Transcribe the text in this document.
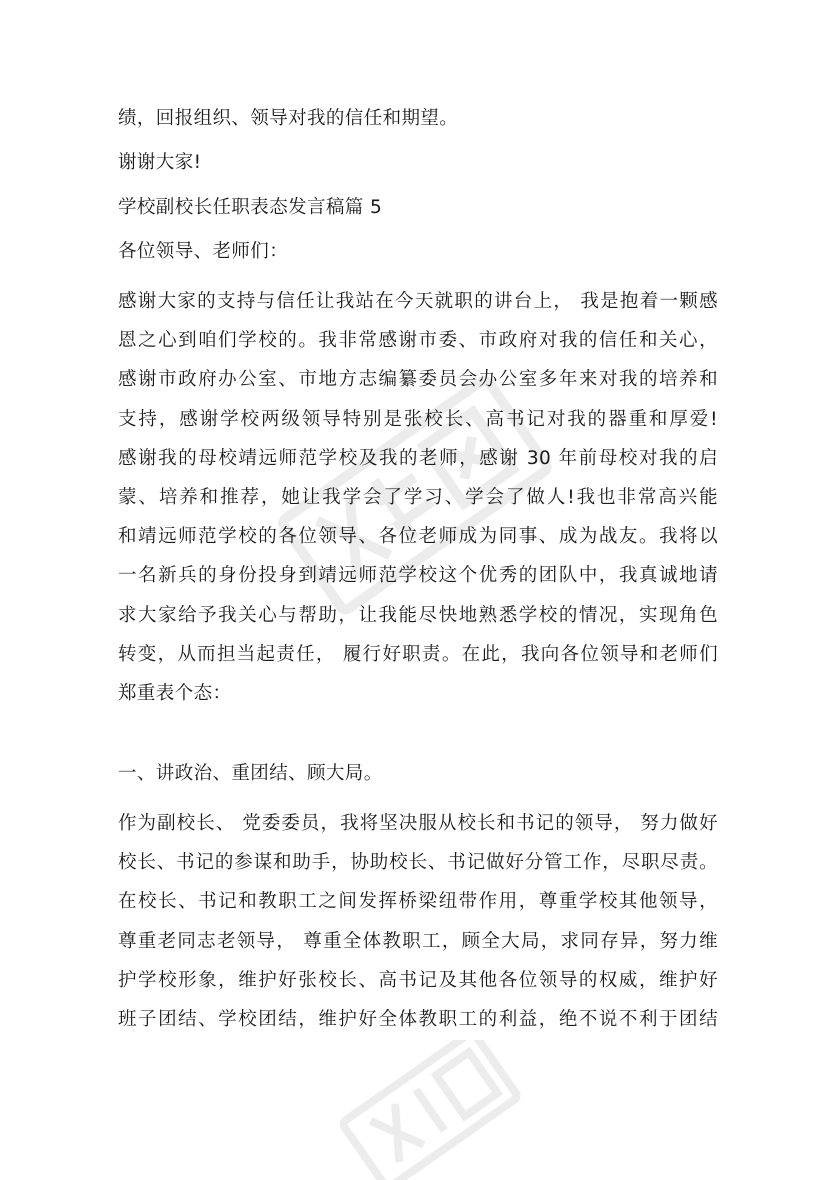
绩，回报组织、领导对我的信任和期望。
谢谢大家!
学校副校长任职表态发言稿篇 5
各位领导、老师们：

感谢大家的支持与信任让我站在今天就职的讲台上， 我是抱着一颗感

恩之心到咱们学校的。我非常感谢市委、市政府对我的信任和关心，

感谢市政府办公室、市地方志编纂委员会办公室多年来对我的培养和

支持，感谢学校两级领导特别是张校长、高书记对我的器重和厚爱!

感谢我的母校靖远师范学校及我的老师，感谢 30 年前母校对我的启

蒙、培养和推荐，她让我学会了学习、学会了做人!我也非常高兴能

和靖远师范学校的各位领导、各位老师成为同事、成为战友。我将以

一名新兵的身份投身到靖远师范学校这个优秀的团队中，我真诚地请

求大家给予我关心与帮助，让我能尽快地熟悉学校的情况，实现角色

转变，从而担当起责任， 履行好职责。在此，我向各位领导和老师们

郑重表个态：

一、讲政治、重团结、顾大局。

作为副校长、 党委委员，我将坚决服从校长和书记的领导， 努力做好

校长、书记的参谋和助手，协助校长、书记做好分管工作，尽职尽责。

在校长、书记和教职工之间发挥桥梁纽带作用，尊重学校其他领导，

尊重老同志老领导， 尊重全体教职工，顾全大局，求同存异，努力维

护学校形象，维护好张校长、高书记及其他各位领导的权威，维护好

班子团结、学校团结，维护好全体教职工的利益，绝不说不利于团结
